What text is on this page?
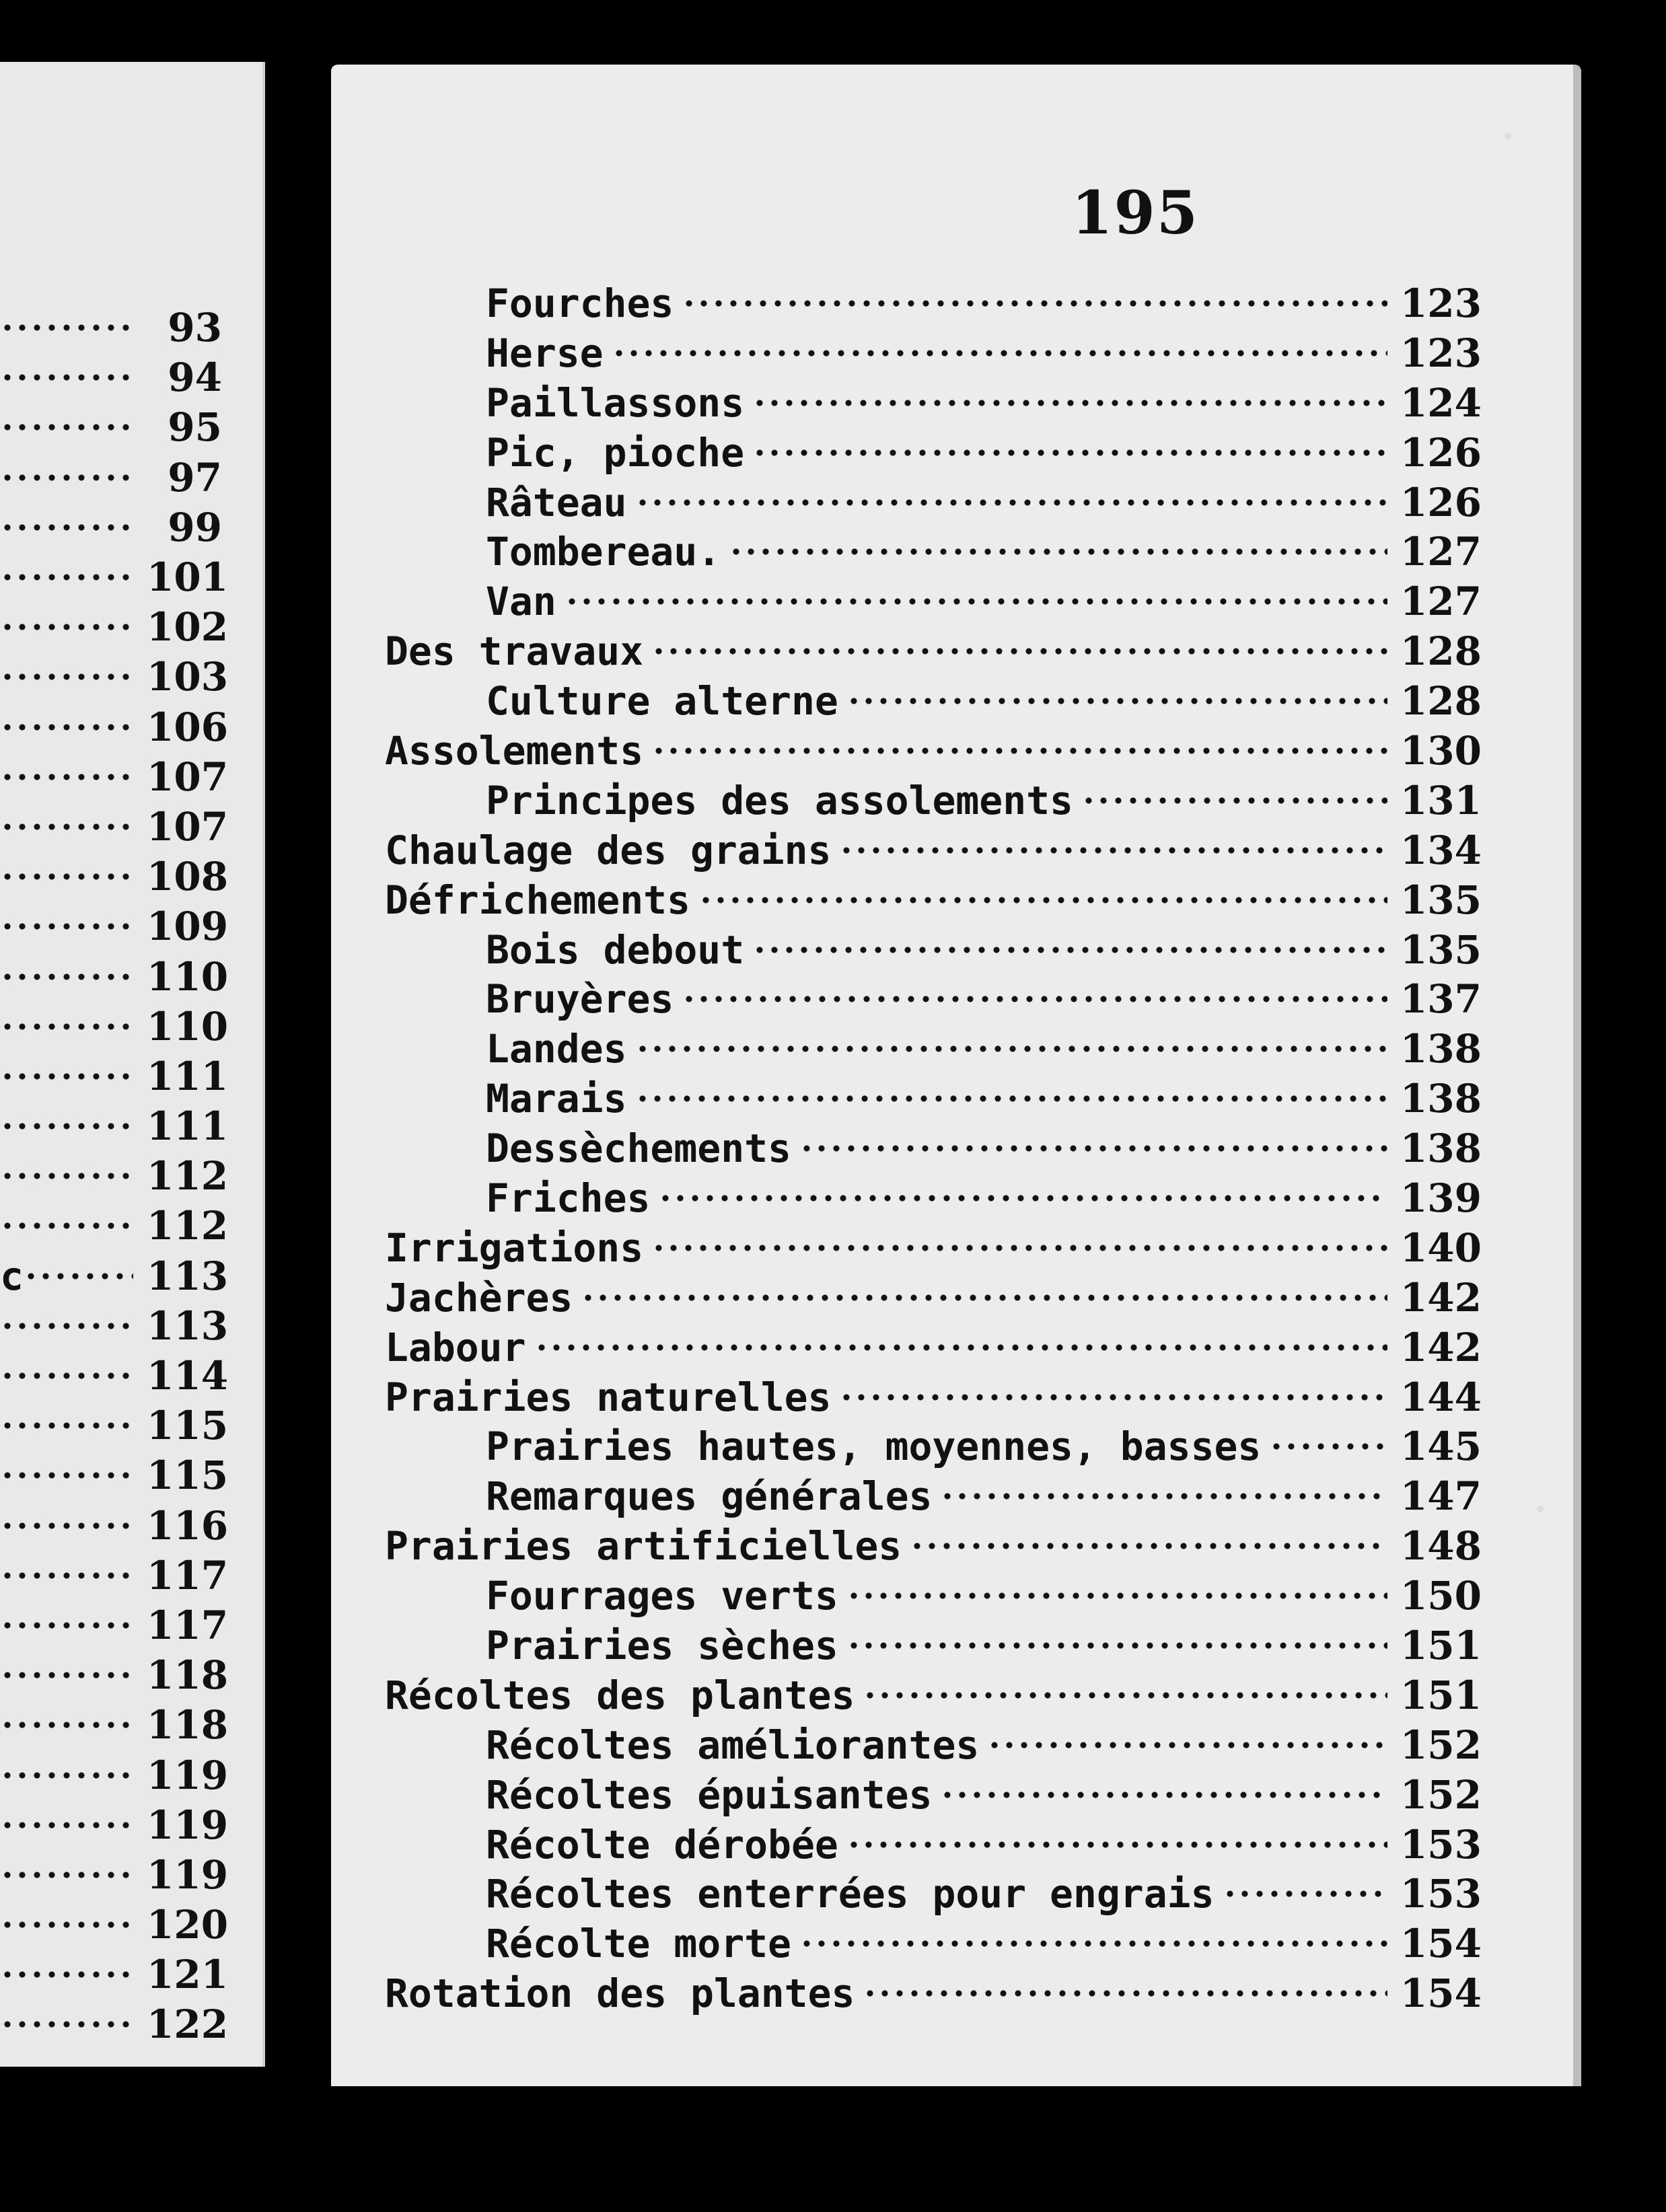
93
94
95
97
99
101
102
103
106
107
107
108
109
110
110
111
111
112
112
c	113
113
114
115
115
116
117
117
118
118
119
119
119
120
121
122
195
Fourches	123
Herse	123
Paillassons	124
Pic, pioche	126
Râteau	126
Tombereau.	127
Van	127
Des travaux	128
Culture alterne	128
Assolements	130
Principes des assolements	131
Chaulage des grains	134
Défrichements	135
Bois debout	135
Bruyères	137
Landes	138
Marais	138
Dessèchements	138
Friches	139
Irrigations	140
Jachères	142
Labour	142
Prairies naturelles	144
Prairies hautes, moyennes, basses	145
Remarques générales	147
Prairies artificielles	148
Fourrages verts	150
Prairies sèches	151
Récoltes des plantes	151
Récoltes améliorantes	152
Récoltes épuisantes	152
Récolte dérobée	153
Récoltes enterrées pour engrais	153
Récolte morte	154
Rotation des plantes	154
